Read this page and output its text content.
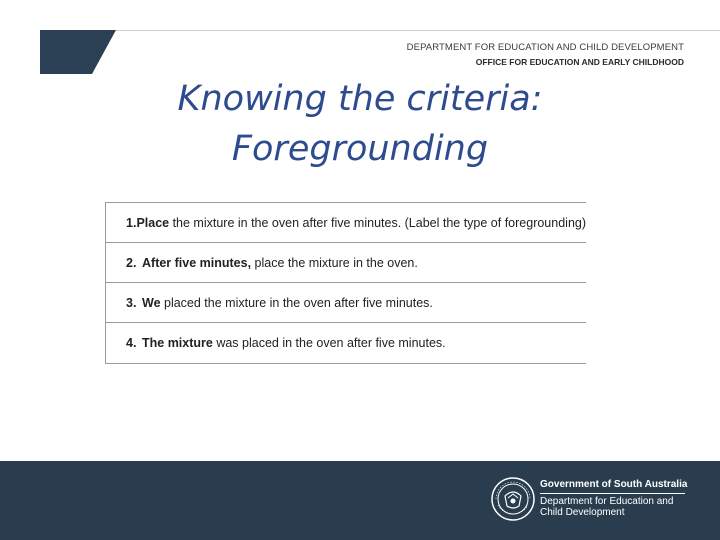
DEPARTMENT FOR EDUCATION AND CHILD DEVELOPMENT
OFFICE FOR EDUCATION AND EARLY CHILDHOOD
Knowing the criteria:
Foregrounding
1. Place the mixture in the oven after five minutes. (Label the type of foregrounding)
2. After five minutes, place the mixture in the oven.
3. We placed the mixture in the oven after five minutes.
4. The mixture was placed in the oven after five minutes.
Government of South Australia
Department for Education and
Child Development
